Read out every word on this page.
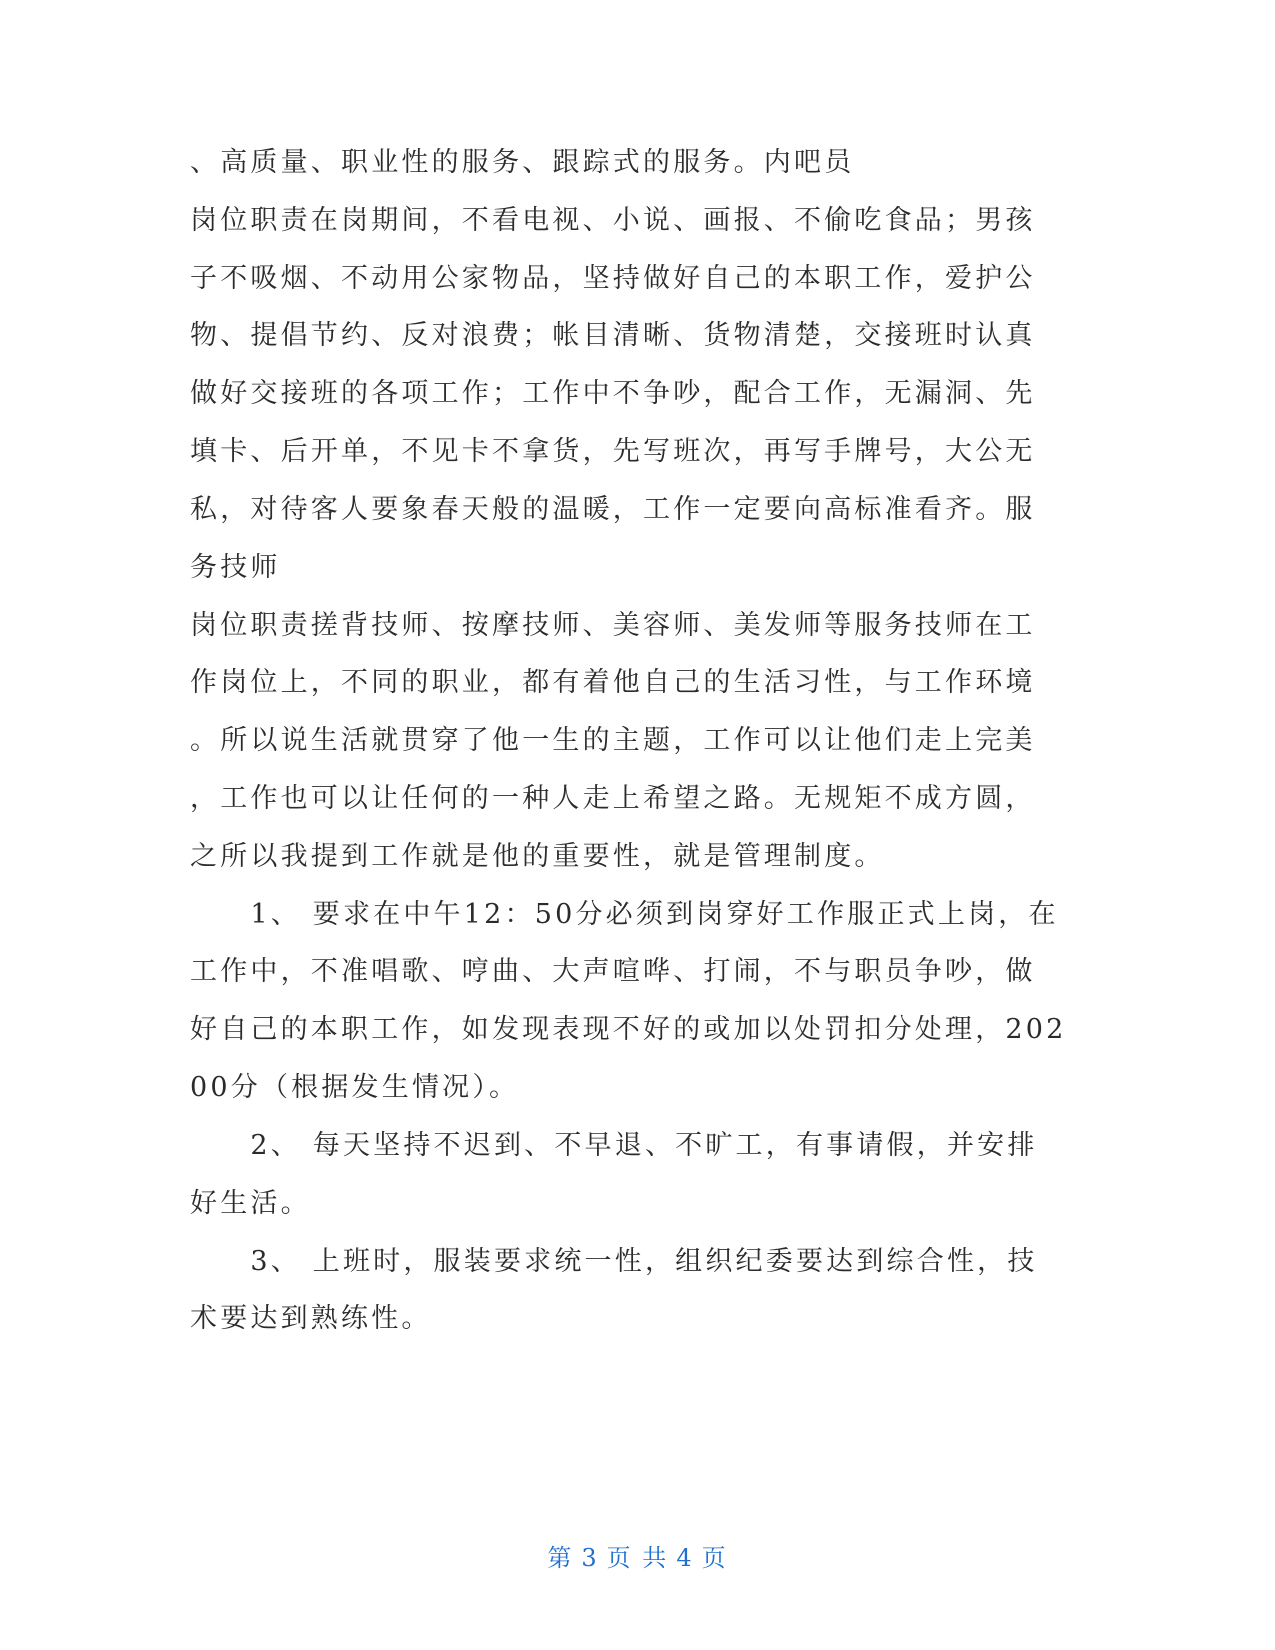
、高质量、职业性的服务、跟踪式的服务。内吧员
岗位职责在岗期间，不看电视、小说、画报、不偷吃食品；男孩
子不吸烟、不动用公家物品，坚持做好自己的本职工作，爱护公
物、提倡节约、反对浪费；帐目清晰、货物清楚，交接班时认真
做好交接班的各项工作；工作中不争吵，配合工作，无漏洞、先
填卡、后开单，不见卡不拿货，先写班次，再写手牌号，大公无
私，对待客人要象春天般的温暖，工作一定要向高标准看齐。服
务技师
岗位职责搓背技师、按摩技师、美容师、美发师等服务技师在工
作岗位上，不同的职业，都有着他自己的生活习性，与工作环境
。所以说生活就贯穿了他一生的主题，工作可以让他们走上完美
，工作也可以让任何的一种人走上希望之路。无规矩不成方圆，
之所以我提到工作就是他的重要性，就是管理制度。
　　1、 要求在中午12：50分必须到岗穿好工作服正式上岗，在
工作中，不准唱歌、哼曲、大声喧哗、打闹，不与职员争吵，做
好自己的本职工作，如发现表现不好的或加以处罚扣分处理，202
00分（根据发生情况）。
　　2、 每天坚持不迟到、不早退、不旷工，有事请假，并安排
好生活。
　　3、 上班时，服装要求统一性，组织纪委要达到综合性，技
术要达到熟练性。
第 3 页 共 4 页
